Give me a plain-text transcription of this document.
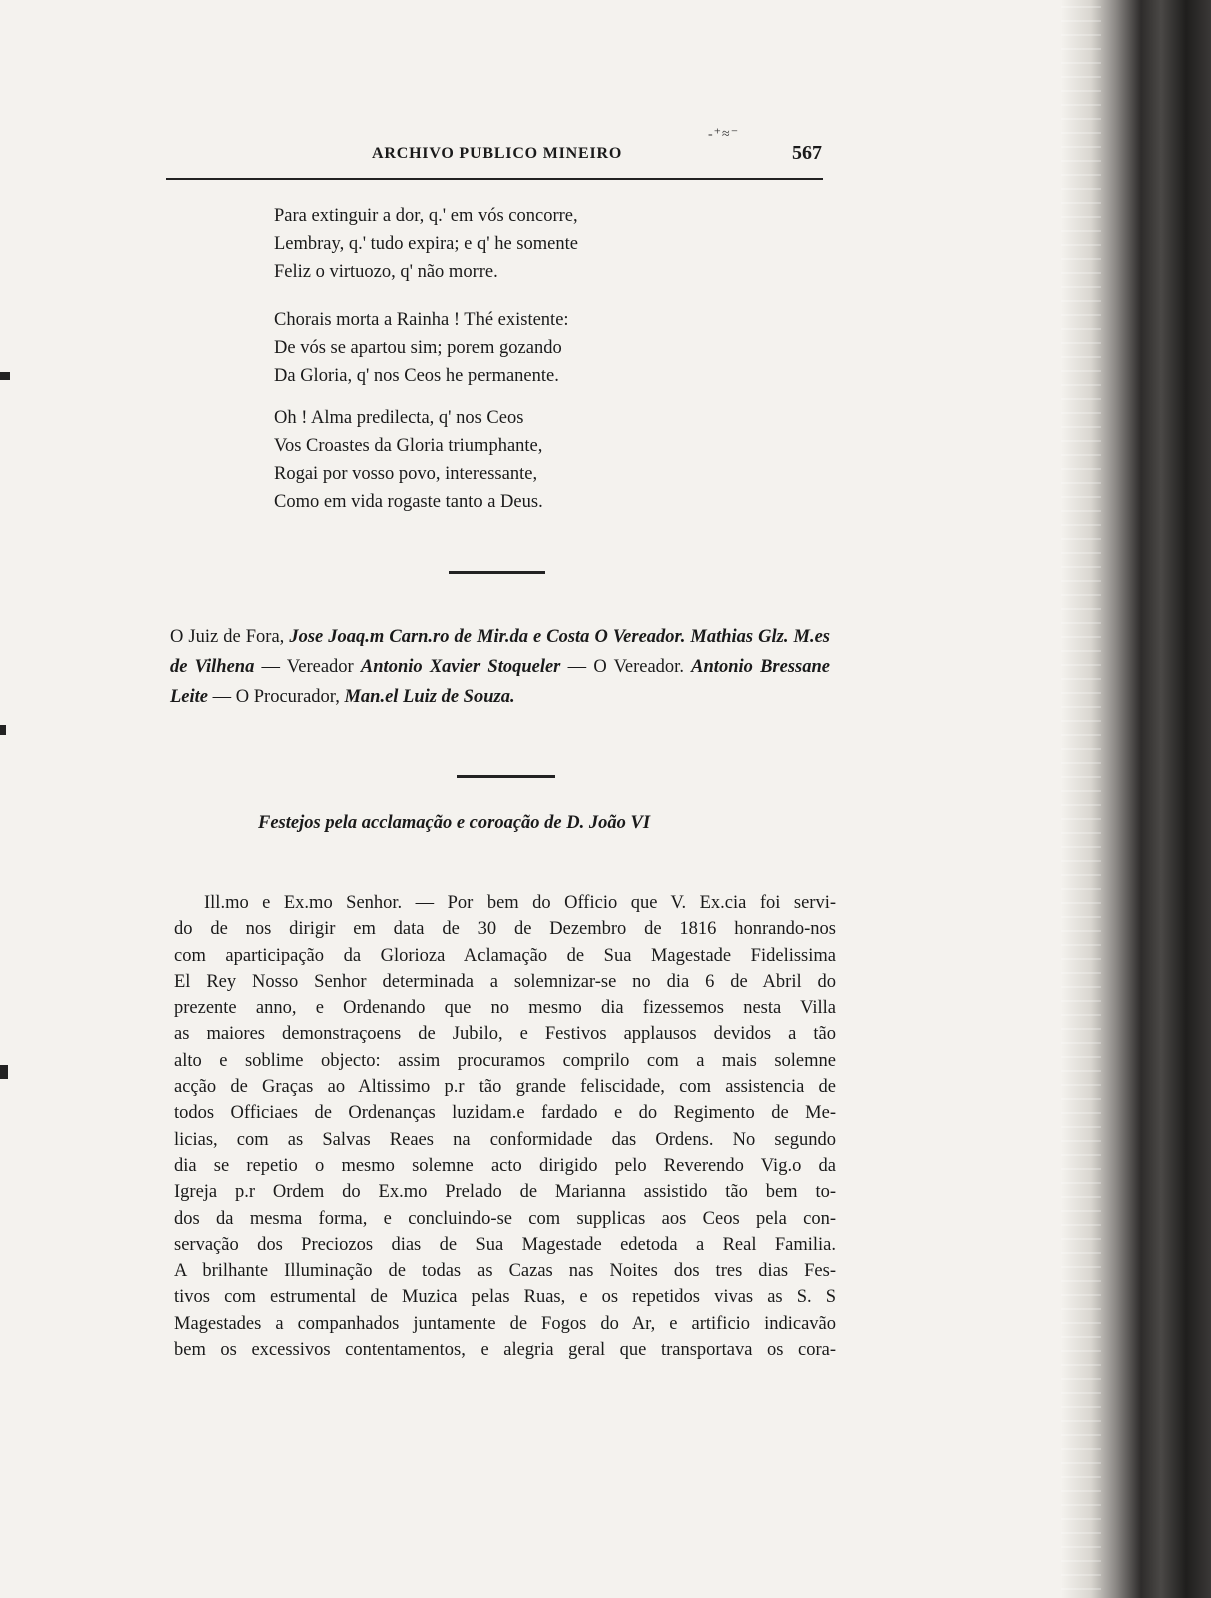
ARCHIVO PUBLICO MINEIRO
-⁺≈⁻
567
Para extinguir a dor, q.' em vós concorre,
Lembray, q.' tudo expira; e q' he somente
Feliz o virtuozo, q' não morre.
Chorais morta a Rainha ! Thé existente:
De vós se apartou sim; porem gozando
Da Gloria, q' nos Ceos he permanente.
Oh ! Alma predilecta, q' nos Ceos
Vos Croastes da Gloria triumphante,
Rogai por vosso povo, interessante,
Como em vida rogaste tanto a Deus.
O Juiz de Fora, Jose Joaq.m Carn.ro de Mir.da e Costa O Vereador. Mathias Glz. M.es de Vilhena — Vereador Antonio Xavier Stoqueler — O Vereador. Antonio Bressane Leite — O Procurador, Man.el Luiz de Souza.
Festejos pela acclamação e coroação de D. João VI
Ill.mo e Ex.mo Senhor. — Por bem do Officio que V. Ex.cia foi servi-
do de nos dirigir em data de 30 de Dezembro de 1816 honrando-nos
com aparticipação da Glorioza Aclamação de Sua Magestade Fidelissima
El Rey Nosso Senhor determinada a solemnizar-se no dia 6 de Abril do
prezente anno, e Ordenando que no mesmo dia fizessemos nesta Villa
as maiores demonstraçoens de Jubilo, e Festivos applausos devidos a tão
alto e soblime objecto: assim procuramos comprilo com a mais solemne
acção de Graças ao Altissimo p.r tão grande feliscidade, com assistencia de
todos Officiaes de Ordenanças luzidam.e fardado e do Regimento de Me-
licias, com as Salvas Reaes na conformidade das Ordens. No segundo
dia se repetio o mesmo solemne acto dirigido pelo Reverendo Vig.o da
Igreja p.r Ordem do Ex.mo Prelado de Marianna assistido tão bem to-
dos da mesma forma, e concluindo-se com supplicas aos Ceos pela con-
servação dos Preciozos dias de Sua Magestade edetoda a Real Familia.
A brilhante Illuminação de todas as Cazas nas Noites dos tres dias Fes-
tivos com estrumental de Muzica pelas Ruas, e os repetidos vivas as S. S
Magestades a companhados juntamente de Fogos do Ar, e artificio indicavão
bem os excessivos contentamentos, e alegria geral que transportava os cora-
